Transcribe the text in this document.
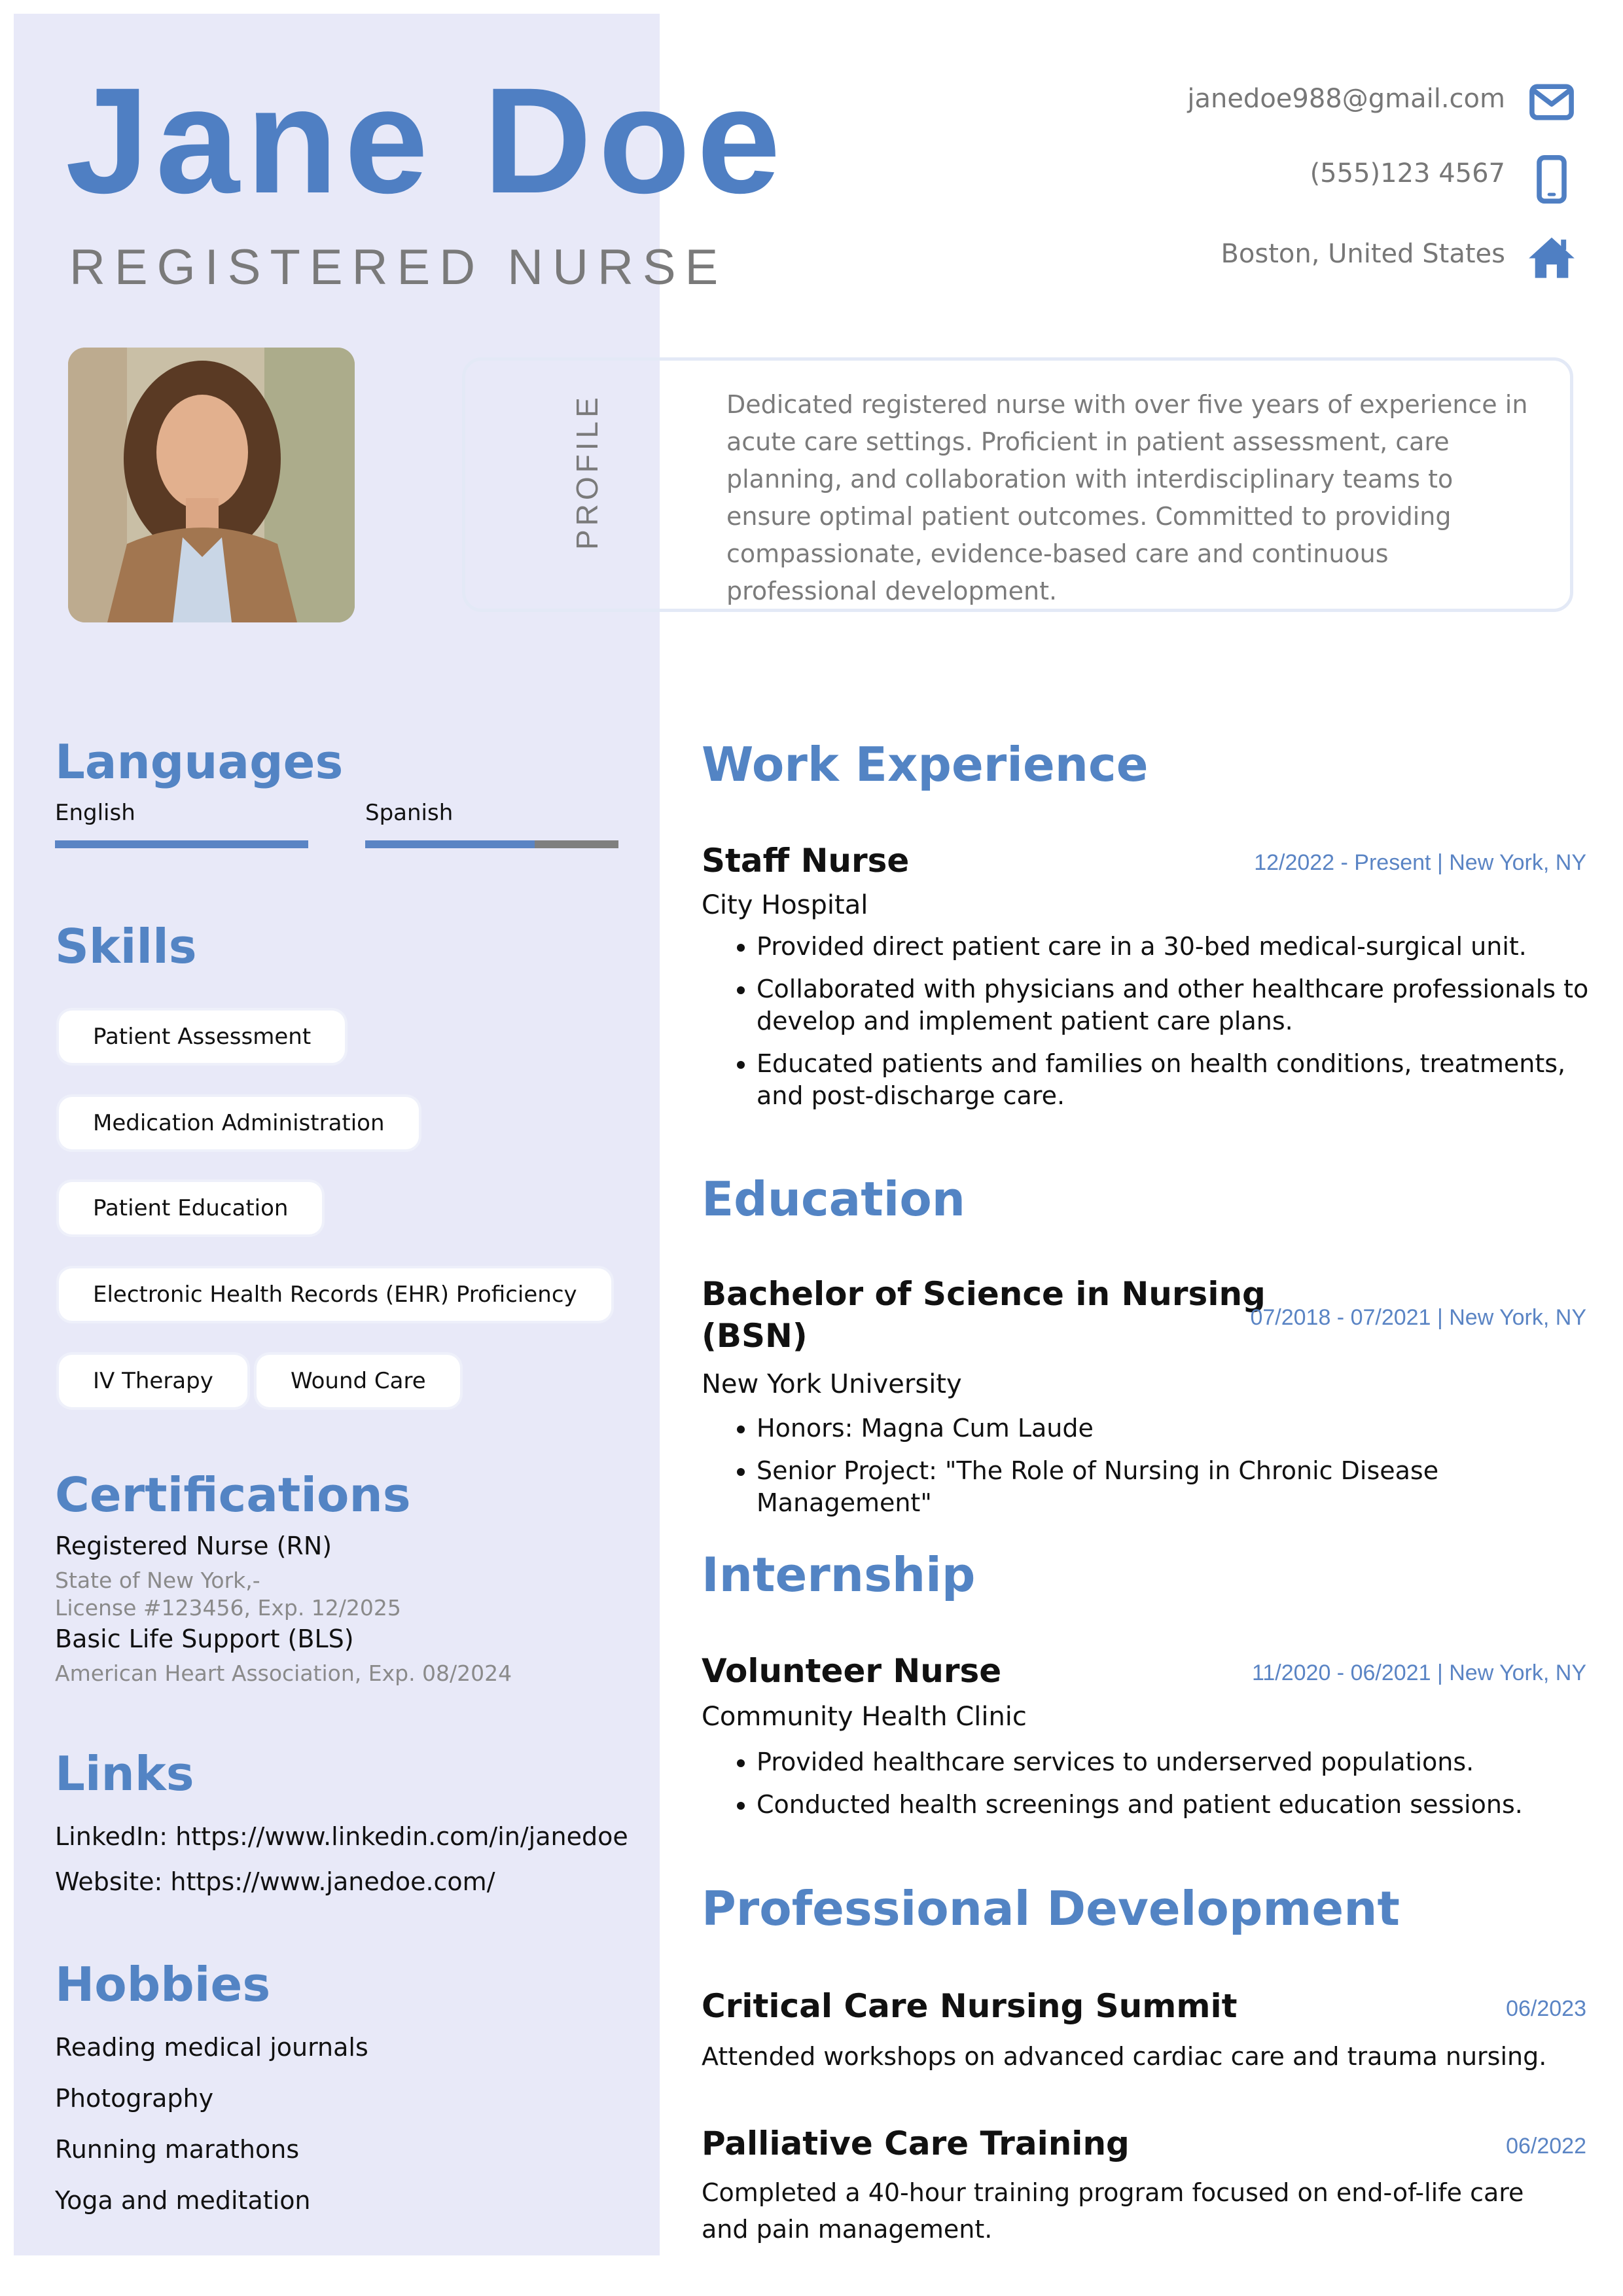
Jane Doe
REGISTERED NURSE
janedoe988@gmail.com
(555)123 4567
Boston, United States
PROFILE	Dedicated registered nurse with over five years of experience in acute care settings. Proficient in patient assessment, care planning, and collaboration with interdisciplinary teams to ensure optimal patient outcomes. Committed to providing compassionate, evidence-based care and continuous professional development.
Languages
English	Spanish
Skills
Patient Assessment
Medication Administration
Patient Education
Electronic Health Records (EHR) Proficiency
IV Therapy	Wound Care
Certifications
Registered Nurse (RN)
State of New York,-
License #123456, Exp. 12/2025
Basic Life Support (BLS)
American Heart Association, Exp. 08/2024
Links
LinkedIn: https://www.linkedin.com/in/janedoe
Website: https://www.janedoe.com/
Hobbies
Reading medical journals
Photography
Running marathons
Yoga and meditation
Work Experience
Staff Nurse	12/2022 - Present | New York, NY
City Hospital
• Provided direct patient care in a 30-bed medical-surgical unit.
• Collaborated with physicians and other healthcare professionals to develop and implement patient care plans.
• Educated patients and families on health conditions, treatments, and post-discharge care.
Education
Bachelor of Science in Nursing
(BSN)	07/2018 - 07/2021 | New York, NY
New York University
• Honors: Magna Cum Laude
• Senior Project: "The Role of Nursing in Chronic Disease Management"
Internship
Volunteer Nurse	11/2020 - 06/2021 | New York, NY
Community Health Clinic
• Provided healthcare services to underserved populations.
• Conducted health screenings and patient education sessions.
Professional Development
Critical Care Nursing Summit	06/2023
Attended workshops on advanced cardiac care and trauma nursing.
Palliative Care Training	06/2022
Completed a 40-hour training program focused on end-of-life care and pain management.
